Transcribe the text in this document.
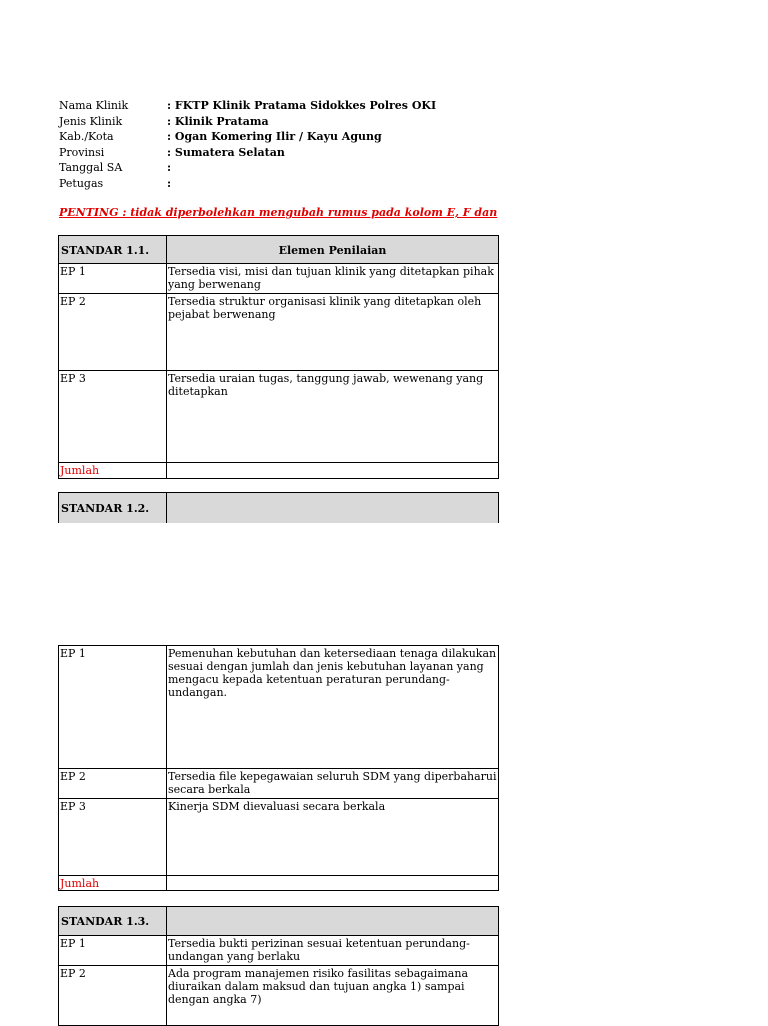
Nama Klinik	: FKTP Klinik Pratama Sidokkes Polres OKI
Jenis Klinik	: Klinik Pratama
Kab./Kota	: Ogan Komering Ilir / Kayu Agung
Provinsi	: Sumatera Selatan
Tanggal SA	:
Petugas	:
PENTING : tidak diperbolehkan mengubah rumus pada kolom E, F dan
STANDAR 1.1.	Elemen Penilaian
EP 1	Tersedia visi, misi dan tujuan klinik yang ditetapkan pihak yang berwenang
EP 2	Tersedia struktur organisasi klinik yang ditetapkan oleh pejabat berwenang
EP 3	Tersedia uraian tugas, tanggung jawab, wewenang yang ditetapkan
Jumlah	
STANDAR 1.2.	
EP 1	Pemenuhan kebutuhan dan ketersediaan tenaga dilakukan sesuai dengan jumlah dan jenis kebutuhan layanan yang mengacu kepada ketentuan peraturan perundang-undangan.
EP 2	Tersedia file kepegawaian seluruh SDM yang diperbaharui secara berkala
EP 3	Kinerja SDM dievaluasi secara berkala
Jumlah	
STANDAR 1.3.	
EP 1	Tersedia bukti perizinan sesuai ketentuan perundang-undangan yang berlaku
EP 2	Ada program manajemen risiko fasilitas sebagaimana diuraikan dalam maksud dan tujuan angka 1) sampai dengan angka 7)
